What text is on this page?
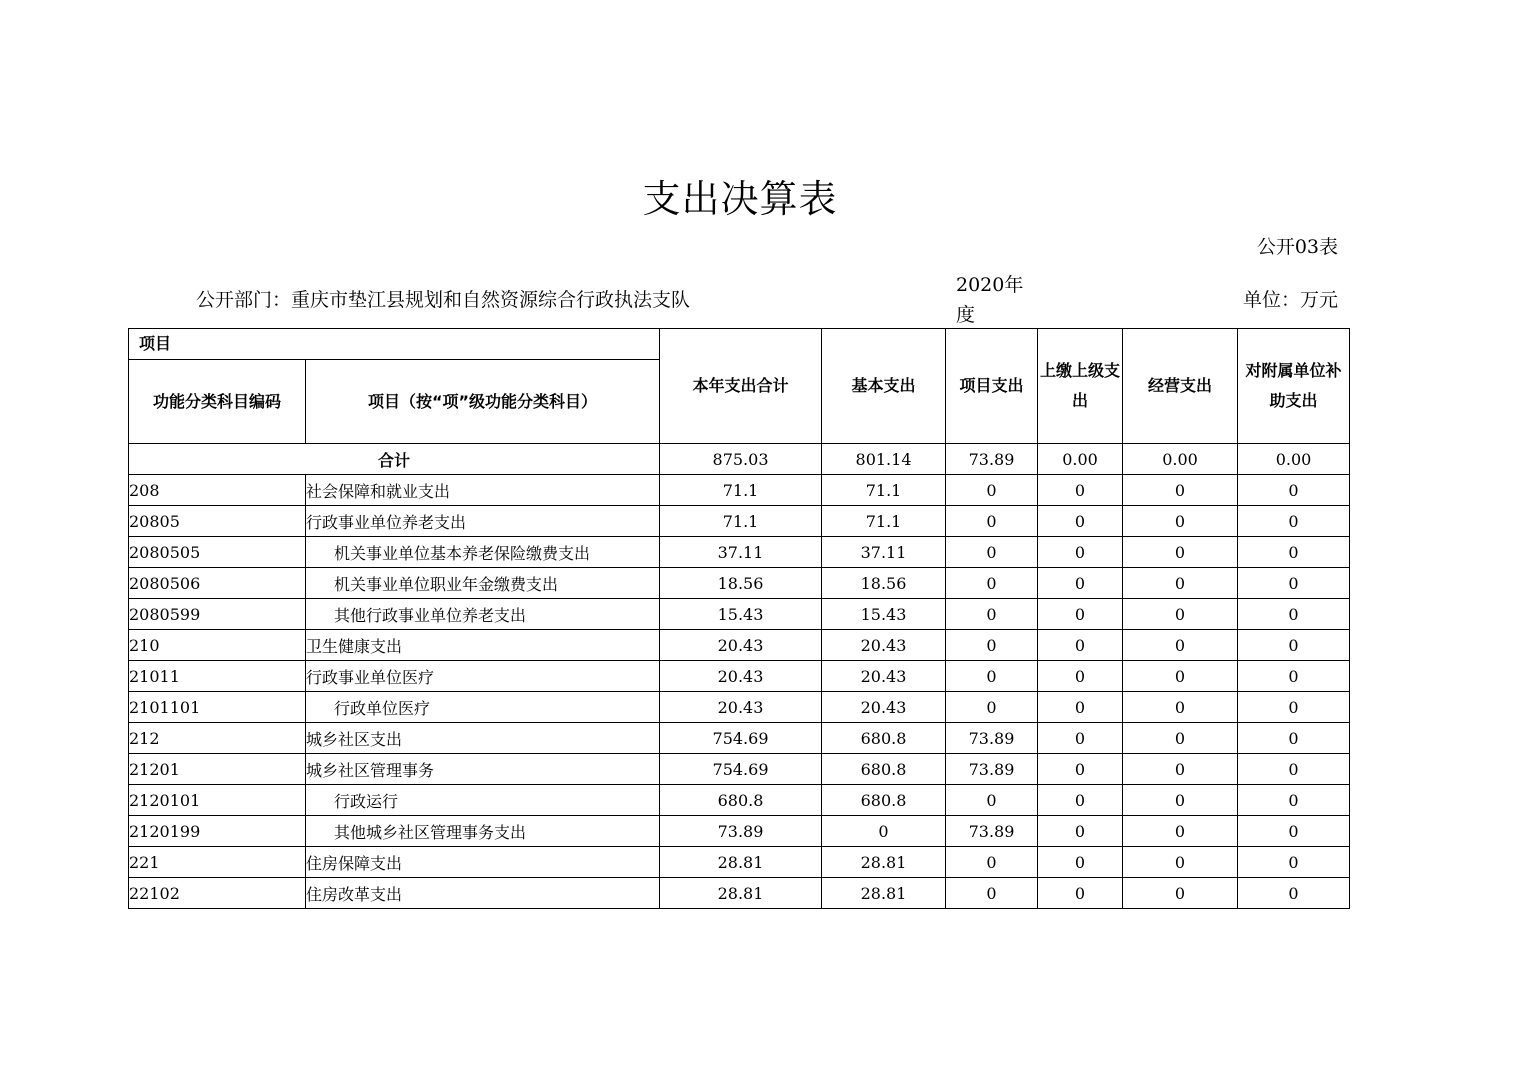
支出决算表
公开03表
公开部门：重庆市垫江县规划和自然资源综合行政执法支队
2020年度
单位：万元
项目		本年支出合计	基本支出	项目支出	上缴上级支出	经营支出	对附属单位补助支出
功能分类科目编码	项目（按“项”级功能分类科目）						
合计		875.03	801.14	73.89	0.00	0.00	0.00
208	社会保障和就业支出	71.1	71.1	0	0	0	0
20805	行政事业单位养老支出	71.1	71.1	0	0	0	0
2080505	机关事业单位基本养老保险缴费支出	37.11	37.11	0	0	0	0
2080506	机关事业单位职业年金缴费支出	18.56	18.56	0	0	0	0
2080599	其他行政事业单位养老支出	15.43	15.43	0	0	0	0
210	卫生健康支出	20.43	20.43	0	0	0	0
21011	行政事业单位医疗	20.43	20.43	0	0	0	0
2101101	行政单位医疗	20.43	20.43	0	0	0	0
212	城乡社区支出	754.69	680.8	73.89	0	0	0
21201	城乡社区管理事务	754.69	680.8	73.89	0	0	0
2120101	行政运行	680.8	680.8	0	0	0	0
2120199	其他城乡社区管理事务支出	73.89	0	73.89	0	0	0
221	住房保障支出	28.81	28.81	0	0	0	0
22102	住房改革支出	28.81	28.81	0	0	0	0
